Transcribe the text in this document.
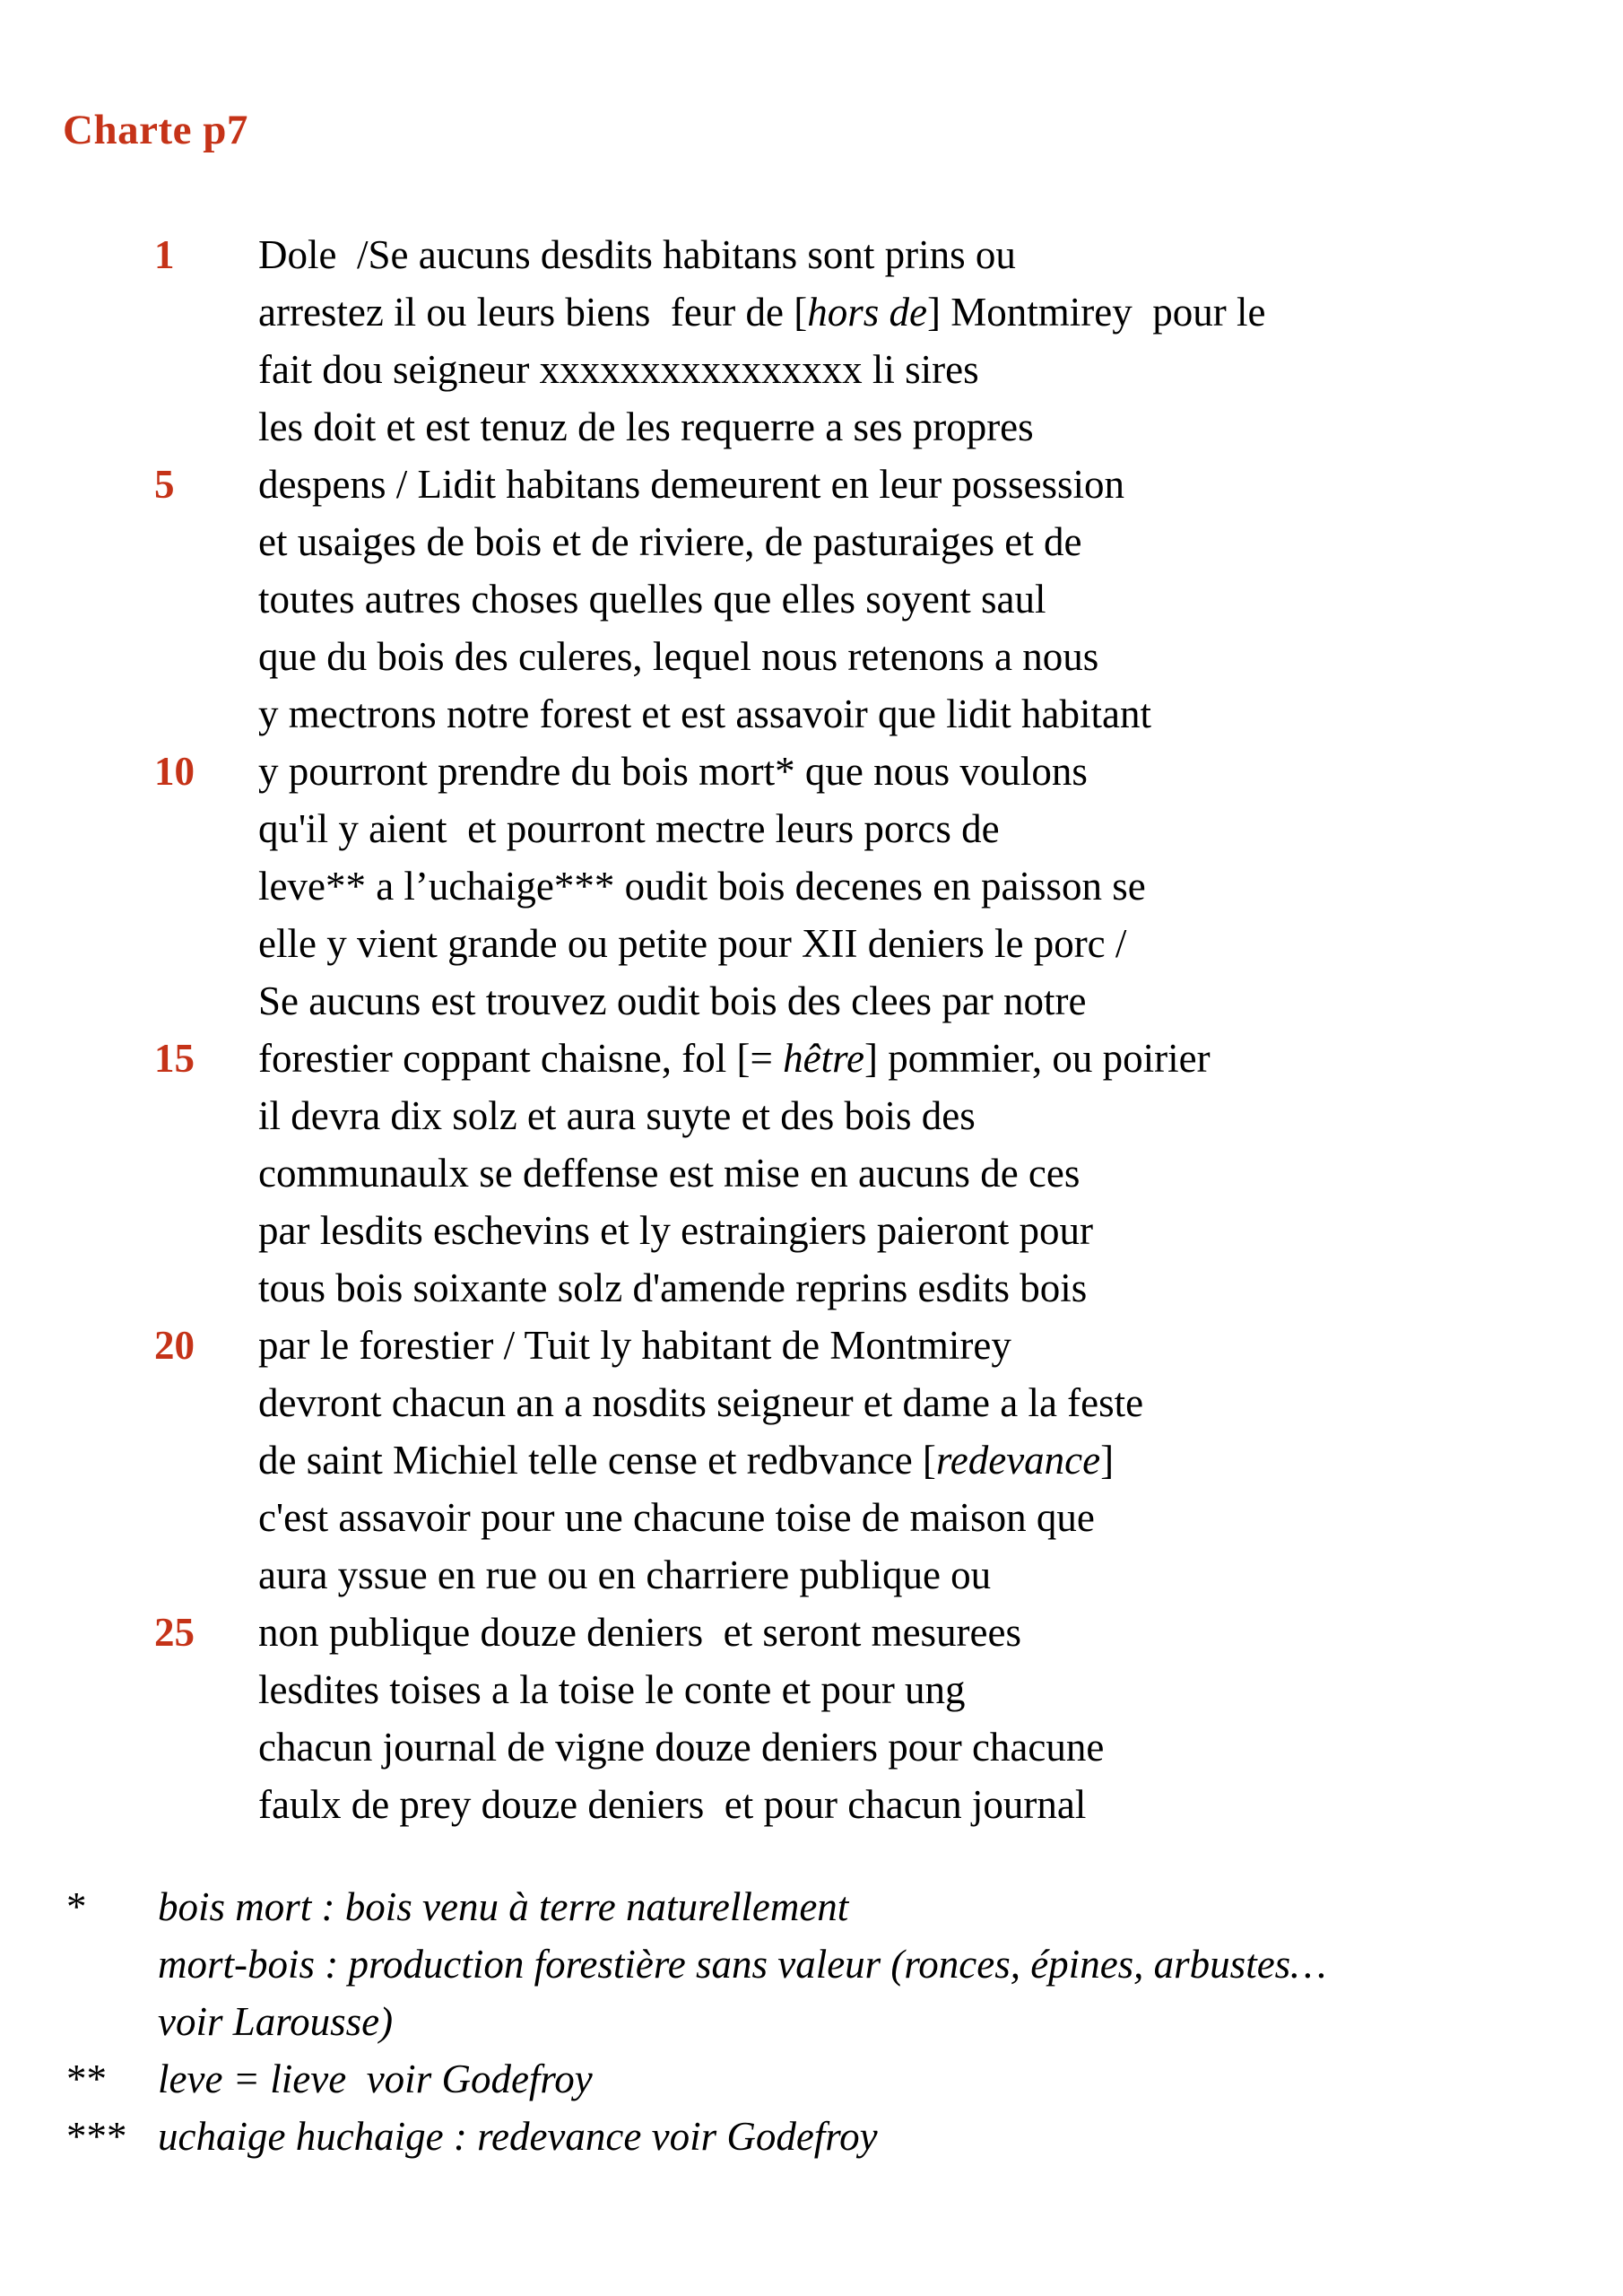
Charte p7
1 Dole  /Se aucuns desdits habitans sont prins ou
arrestez il ou leurs biens  feur de [hors de] Montmirey  pour le
fait dou seigneur xxxxxxxxxxxxxxxx li sires
les doit et est tenuz de les requerre a ses propres
5 despens / Lidit habitans demeurent en leur possession
et usaiges de bois et de riviere, de pasturaiges et de
toutes autres choses quelles que elles soyent saul
que du bois des culeres, lequel nous retenons a nous
y mectrons notre forest et est assavoir que lidit habitant
10 y pourront prendre du bois mort* que nous voulons
qu'il y aient  et pourront mectre leurs porcs de
leve** a l’uchaige*** oudit bois decenes en paisson se
elle y vient grande ou petite pour XII deniers le porc /
Se aucuns est trouvez oudit bois des clees par notre
15 forestier coppant chaisne, fol [= hêtre] pommier, ou poirier
il devra dix solz et aura suyte et des bois des
communaulx se deffense est mise en aucuns de ces
par lesdits eschevins et ly estraingiers paieront pour
tous bois soixante solz d'amende reprins esdits bois
20 par le forestier / Tuit ly habitant de Montmirey
devront chacun an a nosdits seigneur et dame a la feste
de saint Michiel telle cense et redbvance [redevance]
c'est assavoir pour une chacune toise de maison que
aura yssue en rue ou en charriere publique ou
25 non publique douze deniers  et seront mesurees
lesdites toises a la toise le conte et pour ung
chacun journal de vigne douze deniers pour chacune
faulx de prey douze deniers  et pour chacun journal
* bois mort : bois venu à terre naturellement
mort-bois : production forestière sans valeur (ronces, épines, arbustes…
voir Larousse)
** leve = lieve  voir Godefroy
*** uchaige huchaige : redevance voir Godefroy
